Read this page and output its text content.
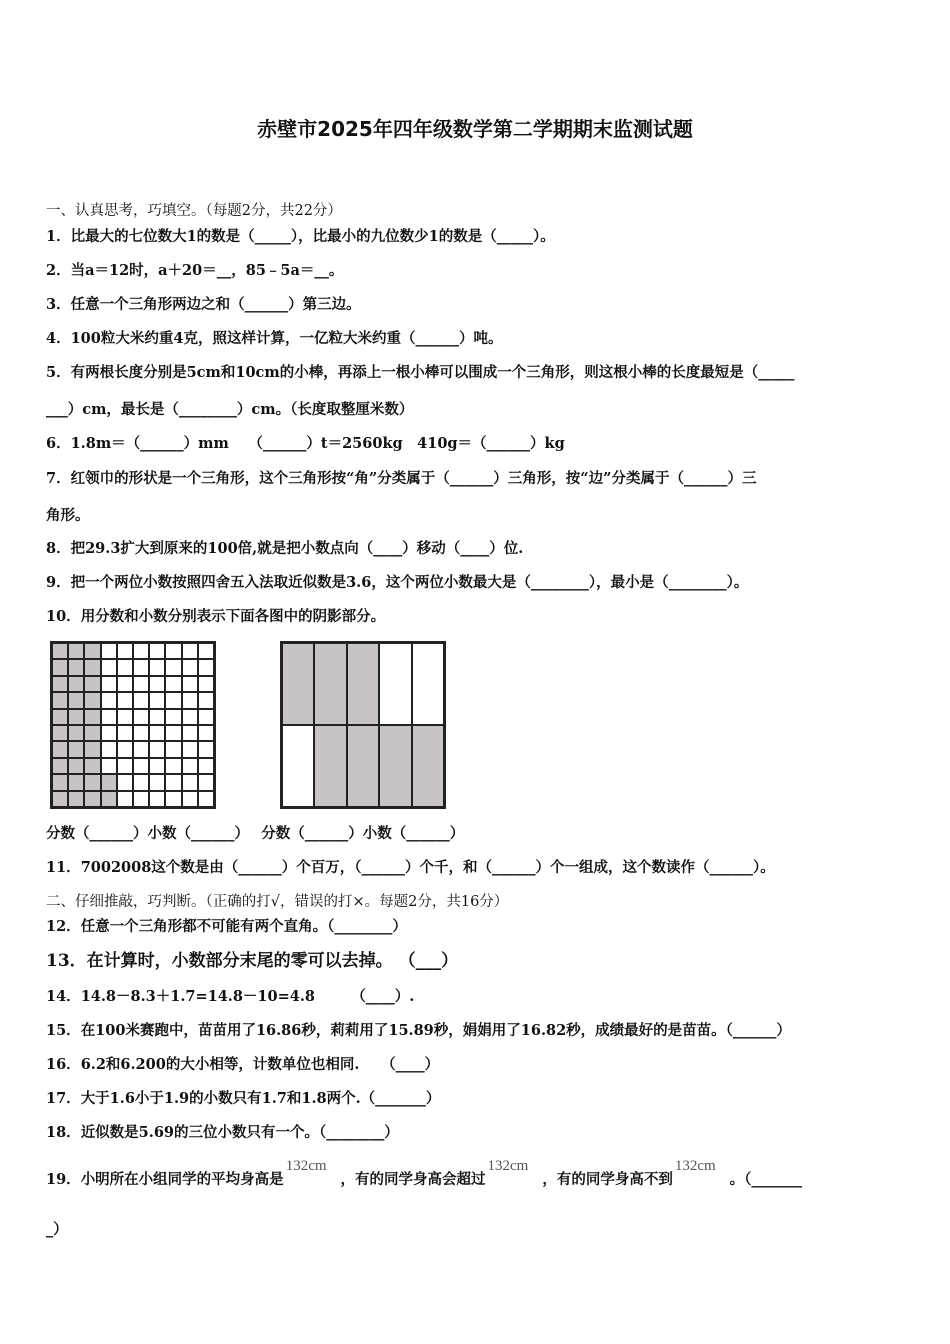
赤壁市2025年四年级数学第二学期期末监测试题
一、认真思考，巧填空。（每题2分，共22分）
1．比最大的七位数大1的数是（_____），比最小的九位数少1的数是（_____）。
2．当a＝12时，a＋20＝__，85﹣5a＝__。
3．任意一个三角形两边之和（______）第三边。
4．100粒大米约重4克，照这样计算，一亿粒大米约重（______）吨。
5．有两根长度分别是5cm和10cm的小棒，再添上一根小棒可以围成一个三角形，则这根小棒的长度最短是（_____
___）cm，最长是（________）cm。（长度取整厘米数）
6．1.8m＝（______）mm　 （______）t＝2560kg　410g＝（______）kg
7．红领巾的形状是一个三角形，这个三角形按“角”分类属于（______）三角形，按“边”分类属于（______）三
角形。
8．把29.3扩大到原来的100倍,就是把小数点向（____）移动（____）位.
9．把一个两位小数按照四舍五入法取近似数是3.6，这个两位小数最大是（________），最小是（________）。
10．用分数和小数分别表示下面各图中的阴影部分。
分数（______）小数（______）　 分数（______）小数（______）
11．7002008这个数是由（______）个百万，（______）个千，和（______）个一组成，这个数读作（______）。
二、仔细推敲，巧判断。（正确的打√，错误的打×。每题2分，共16分）
12．任意一个三角形都不可能有两个直角。（________）
13．在计算时，小数部分末尾的零可以去掉。 （___）
14．14.8－8.3＋1.7=14.8－10=4.8　　　（____）.
15．在100米赛跑中，苗苗用了16.86秒，莉莉用了15.89秒，娟娟用了16.82秒，成绩最好的是苗苗。（______）
16．6.2和6.200的大小相等，计数单位也相同.　　（____）
17．大于1.6小于1.9的小数只有1.7和1.8两个.（_______）
18．近似数是5.69的三位小数只有一个。（________）
19．小明所在小组同学的平均身高是132cm，有的同学身高会超过132cm，有的同学身高不到132cm。（_______
_）
